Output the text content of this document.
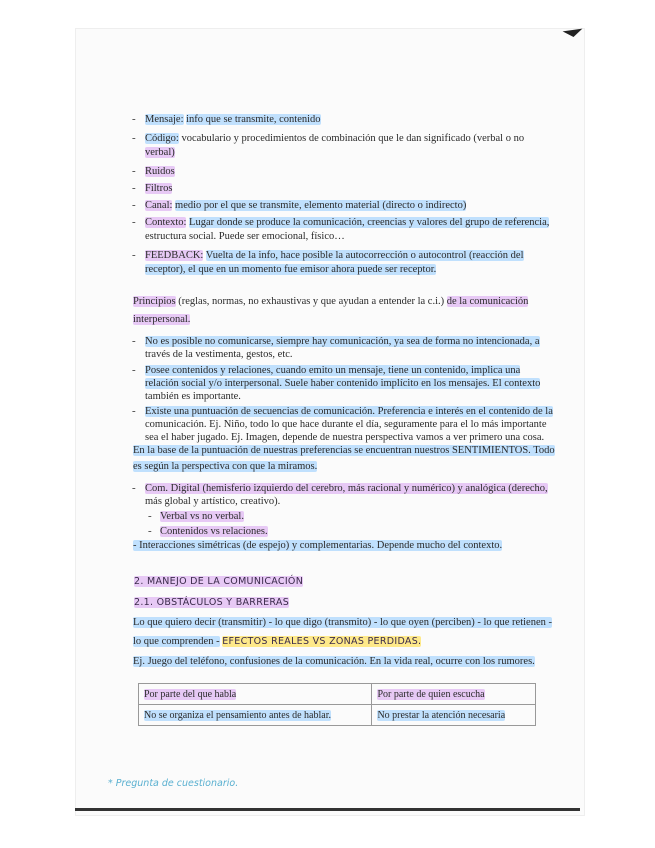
- Mensaje: info que se transmite, contenido
- Código: vocabulario y procedimientos de combinación que le dan significado (verbal o no
verbal)
- Ruidos
- Filtros
- Canal: medio por el que se transmite, elemento material (directo o indirecto)
- Contexto: Lugar donde se produce la comunicación, creencias y valores del grupo de referencia,
estructura social. Puede ser emocional, físico…
- FEEDBACK: Vuelta de la info, hace posible la autocorrección o autocontrol (reacción del
receptor), el que en un momento fue emisor ahora puede ser receptor.
Principios (reglas, normas, no exhaustivas y que ayudan a entender la c.i.) de la comunicación
interpersonal.
- No es posible no comunicarse, siempre hay comunicación, ya sea de forma no intencionada, a
través de la vestimenta, gestos, etc.
- Posee contenidos y relaciones, cuando emito un mensaje, tiene un contenido, implica una
relación social y/o interpersonal. Suele haber contenido implícito en los mensajes. El contexto
también es importante.
- Existe una puntuación de secuencias de comunicación. Preferencia e interés en el contenido de la
comunicación. Ej. Niño, todo lo que hace durante el día, seguramente para el lo más importante
sea el haber jugado. Ej. Imagen, depende de nuestra perspectiva vamos a ver primero una cosa.
En la base de la puntuación de nuestras preferencias se encuentran nuestros SENTIMIENTOS. Todo
es según la perspectiva con que la miramos.
- Com. Digital (hemisferio izquierdo del cerebro, más racional y numérico) y analógica (derecho,
más global y artístico, creativo).
- Verbal vs no verbal.
- Contenidos vs relaciones.
- Interacciones simétricas (de espejo) y complementarias. Depende mucho del contexto.
2. MANEJO DE LA COMUNICACIÓN
2.1. OBSTÁCULOS Y BARRERAS
Lo que quiero decir (transmitir) - lo que digo (transmito) - lo que oyen (perciben) - lo que retienen -
lo que comprenden - EFECTOS REALES VS ZONAS PERDIDAS.
Ej. Juego del teléfono, confusiones de la comunicación. En la vida real, ocurre con los rumores.
Por parte del que habla	Por parte de quien escucha
No se organiza el pensamiento antes de hablar.	No prestar la atención necesaria
* Pregunta de cuestionario.
